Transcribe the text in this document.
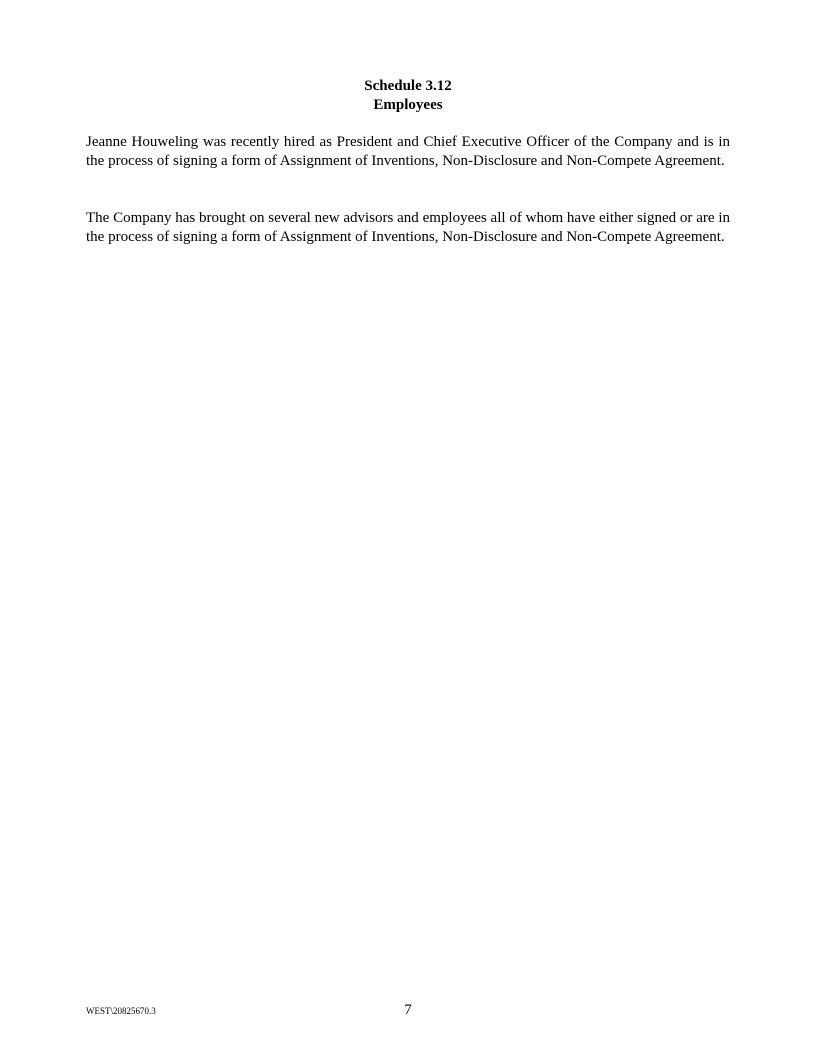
Schedule 3.12
Employees

Jeanne Houweling was recently hired as President and Chief Executive Officer of the Company and is in the process of signing a form of Assignment of Inventions, Non-Disclosure and Non-Compete Agreement.

The Company has brought on several new advisors and employees all of whom have either signed or are in the process of signing a form of Assignment of Inventions, Non-Disclosure and Non-Compete Agreement.

WEST\20825670.3	7
